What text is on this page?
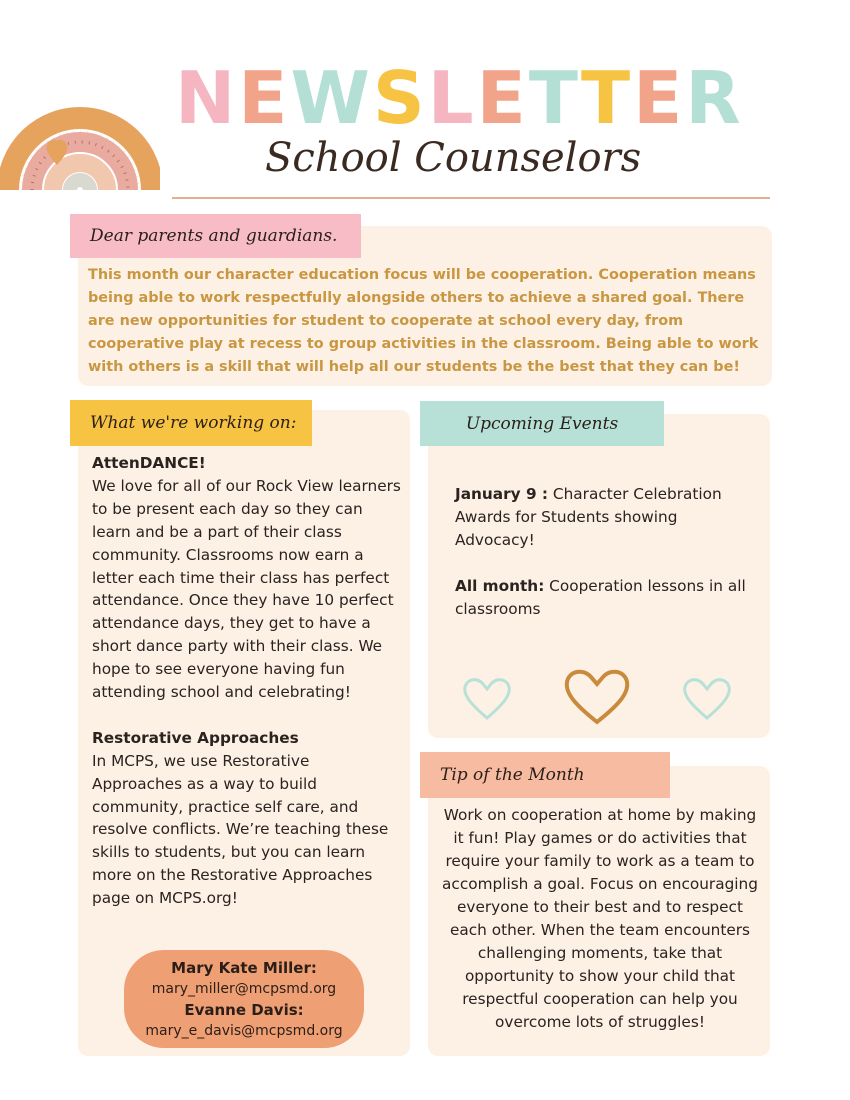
NEWSLETTER
School Counselors
Dear parents and guardians.
This month our character education focus will be cooperation. Cooperation means being able to work respectfully alongside others to achieve a shared goal. There are new opportunities for student to cooperate at school every day, from cooperative play at recess to group activities in the classroom. Being able to work with others is a skill that will help all our students be the best that they can be!
What we're working on:
AttenDANCE!
We love for all of our Rock View learners to be present each day so they can learn and be a part of their class community. Classrooms now earn a letter each time their class has perfect attendance. Once they have 10 perfect attendance days, they get to have a short dance party with their class. We hope to see everyone having fun attending school and celebrating!
Restorative Approaches
In MCPS, we use Restorative Approaches as a way to build community, practice self care, and resolve conflicts. We’re teaching these skills to students, but you can learn more on the Restorative Approaches page on MCPS.org!
Mary Kate Miller:
mary_miller@mcpsmd.org
Evanne Davis:
mary_e_davis@mcpsmd.org
Upcoming Events
January 9 : Character Celebration Awards for Students showing Advocacy!
All month: Cooperation lessons in all classrooms
Tip of the Month
Work on cooperation at home by making it fun! Play games or do activities that require your family to work as a team to accomplish a goal. Focus on encouraging everyone to their best and to respect each other. When the team encounters challenging moments, take that opportunity to show your child that respectful cooperation can help you overcome lots of struggles!
